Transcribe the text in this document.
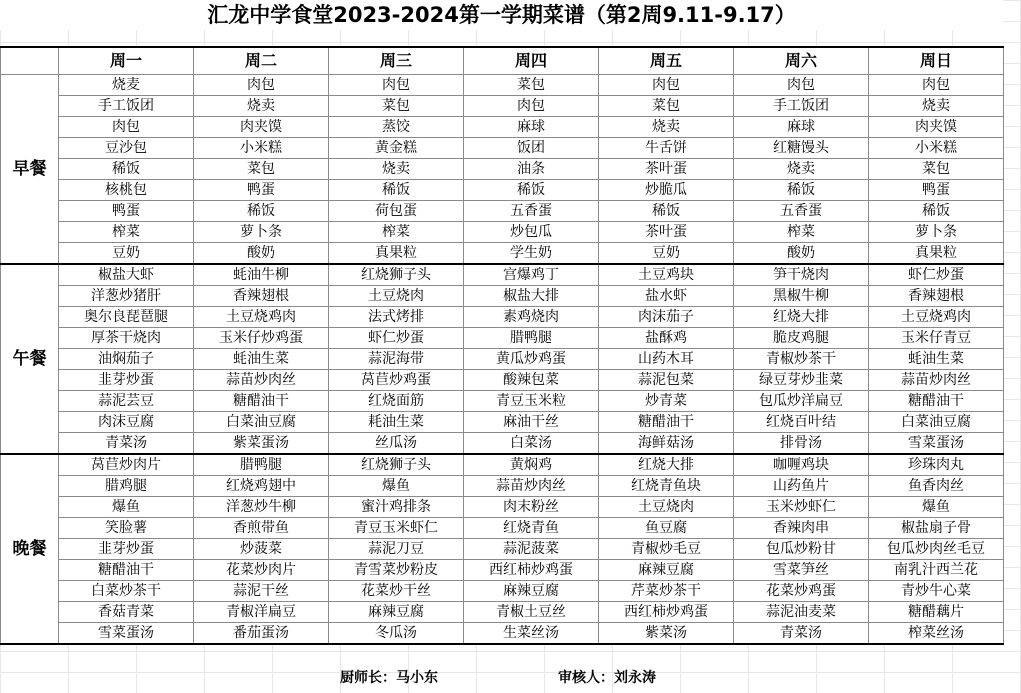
汇龙中学食堂2023-2024第一学期菜谱（第2周9.11-9.17）
	周一	周二	周三	周四	周五	周六	周日
早餐	烧麦	肉包	肉包	菜包	肉包	肉包	肉包
	手工饭团	烧卖	菜包	肉包	菜包	手工饭团	烧卖
	肉包	肉夹馍	蒸饺	麻球	烧卖	麻球	肉夹馍
	豆沙包	小米糕	黄金糕	饭团	牛舌饼	红糖馒头	小米糕
	稀饭	菜包	烧卖	油条	茶叶蛋	烧卖	菜包
	核桃包	鸭蛋	稀饭	稀饭	炒脆瓜	稀饭	鸭蛋
	鸭蛋	稀饭	荷包蛋	五香蛋	稀饭	五香蛋	稀饭
	榨菜	萝卜条	榨菜	炒包瓜	茶叶蛋	榨菜	萝卜条
	豆奶	酸奶	真果粒	学生奶	豆奶	酸奶	真果粒
午餐	椒盐大虾	蚝油牛柳	红烧狮子头	宫爆鸡丁	土豆鸡块	笋干烧肉	虾仁炒蛋
	洋葱炒猪肝	香辣翅根	土豆烧肉	椒盐大排	盐水虾	黑椒牛柳	香辣翅根
	奥尔良琵琶腿	土豆烧鸡肉	法式烤排	素鸡烧肉	肉沫茄子	红烧大排	土豆烧鸡肉
	厚茶干烧肉	玉米仔炒鸡蛋	虾仁炒蛋	腊鸭腿	盐酥鸡	脆皮鸡腿	玉米仔青豆
	油焖茄子	蚝油生菜	蒜泥海带	黄瓜炒鸡蛋	山药木耳	青椒炒茶干	蚝油生菜
	韭芽炒蛋	蒜苗炒肉丝	莴苣炒鸡蛋	酸辣包菜	蒜泥包菜	绿豆芽炒韭菜	蒜苗炒肉丝
	蒜泥芸豆	糖醋油干	红烧面筋	青豆玉米粒	炒青菜	包瓜炒洋扁豆	糖醋油干
	肉沫豆腐	白菜油豆腐	耗油生菜	麻油干丝	糖醋油干	红烧百叶结	白菜油豆腐
	青菜汤	紫菜蛋汤	丝瓜汤	白菜汤	海鲜菇汤	排骨汤	雪菜蛋汤
晚餐	莴苣炒肉片	腊鸭腿	红烧狮子头	黄焖鸡	红烧大排	咖喱鸡块	珍珠肉丸
	腊鸡腿	红烧鸡翅中	爆鱼	蒜苗炒肉丝	红烧青鱼块	山药鱼片	鱼香肉丝
	爆鱼	洋葱炒牛柳	蜜汁鸡排条	肉末粉丝	土豆烧肉	玉米炒虾仁	爆鱼
	笑脸薯	香煎带鱼	青豆玉米虾仁	红烧青鱼	鱼豆腐	香辣肉串	椒盐扇子骨
	韭芽炒蛋	炒菠菜	蒜泥刀豆	蒜泥菠菜	青椒炒毛豆	包瓜炒粉甘	包瓜炒肉丝毛豆
	糖醋油干	花菜炒肉片	青雪菜炒粉皮	西红柿炒鸡蛋	麻辣豆腐	雪菜笋丝	南乳汁西兰花
	白菜炒茶干	蒜泥干丝	花菜炒干丝	麻辣豆腐	芹菜炒茶干	花菜炒鸡蛋	青炒牛心菜
	香菇青菜	青椒洋扁豆	麻辣豆腐	青椒土豆丝	西红柿炒鸡蛋	蒜泥油麦菜	糖醋藕片
	雪菜蛋汤	番茄蛋汤	冬瓜汤	生菜丝汤	紫菜汤	青菜汤	榨菜丝汤
厨师长：马小东	审核人：刘永涛
